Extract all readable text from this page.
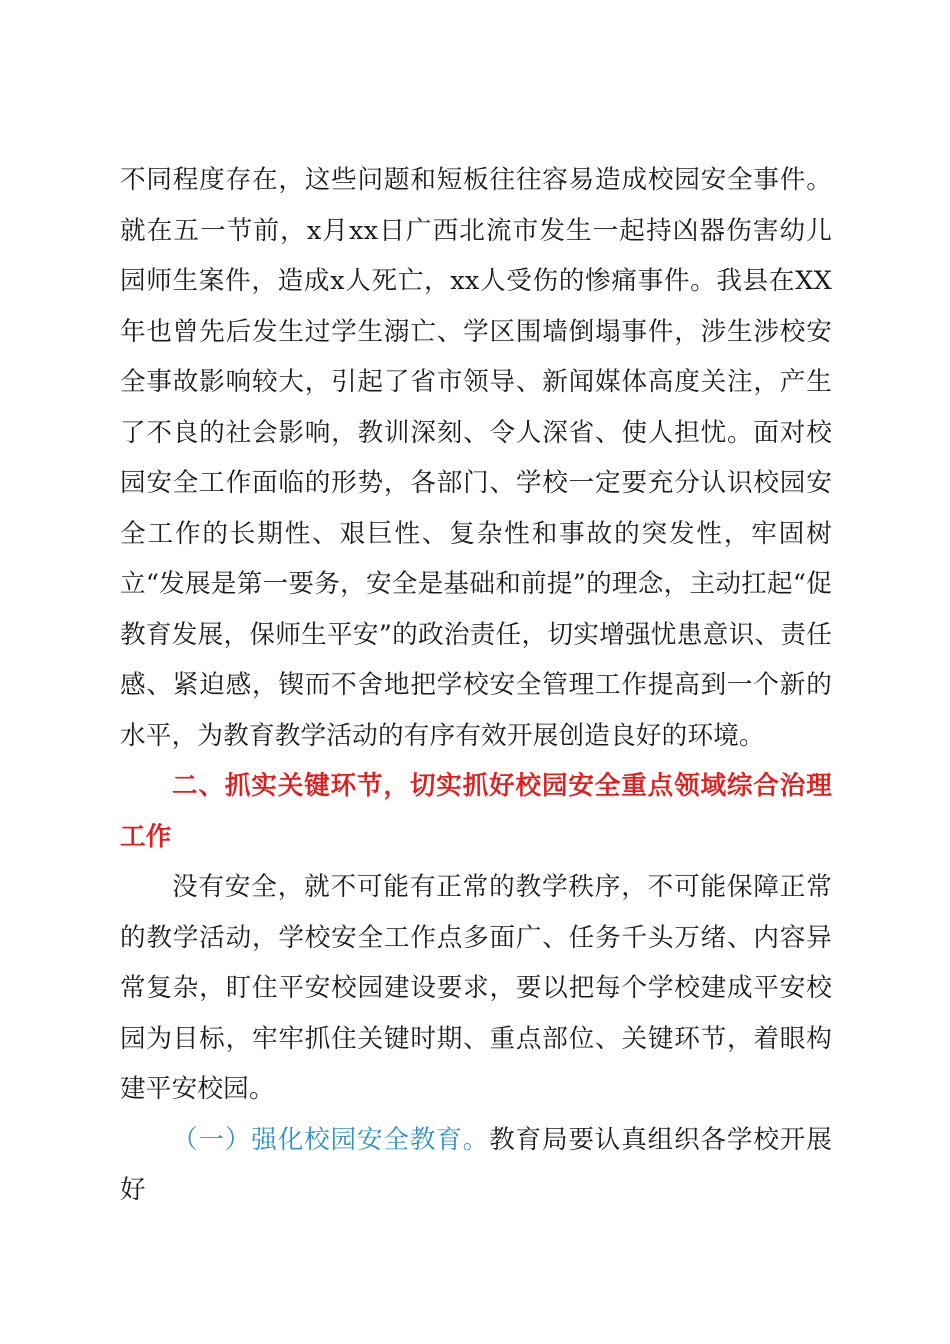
不同程度存在，这些问题和短板往往容易造成校园安全事件。就在五一节前，x月xx日广西北流市发生一起持凶器伤害幼儿园师生案件，造成x人死亡，xx人受伤的惨痛事件。我县在XX年也曾先后发生过学生溺亡、学区围墙倒塌事件，涉生涉校安全事故影响较大，引起了省市领导、新闻媒体高度关注，产生了不良的社会影响，教训深刻、令人深省、使人担忧。面对校园安全工作面临的形势，各部门、学校一定要充分认识校园安全工作的长期性、艰巨性、复杂性和事故的突发性，牢固树立“发展是第一要务，安全是基础和前提”的理念，主动扛起“促教育发展，保师生平安”的政治责任，切实增强忧患意识、责任感、紧迫感，锲而不舍地把学校安全管理工作提高到一个新的水平，为教育教学活动的有序有效开展创造良好的环境。

二、抓实关键环节，切实抓好校园安全重点领域综合治理工作

没有安全，就不可能有正常的教学秩序，不可能保障正常的教学活动，学校安全工作点多面广、任务千头万绪、内容异常复杂，盯住平安校园建设要求，要以把每个学校建成平安校园为目标，牢牢抓住关键时期、重点部位、关键环节，着眼构建平安校园。

（一）强化校园安全教育。教育局要认真组织各学校开展好
